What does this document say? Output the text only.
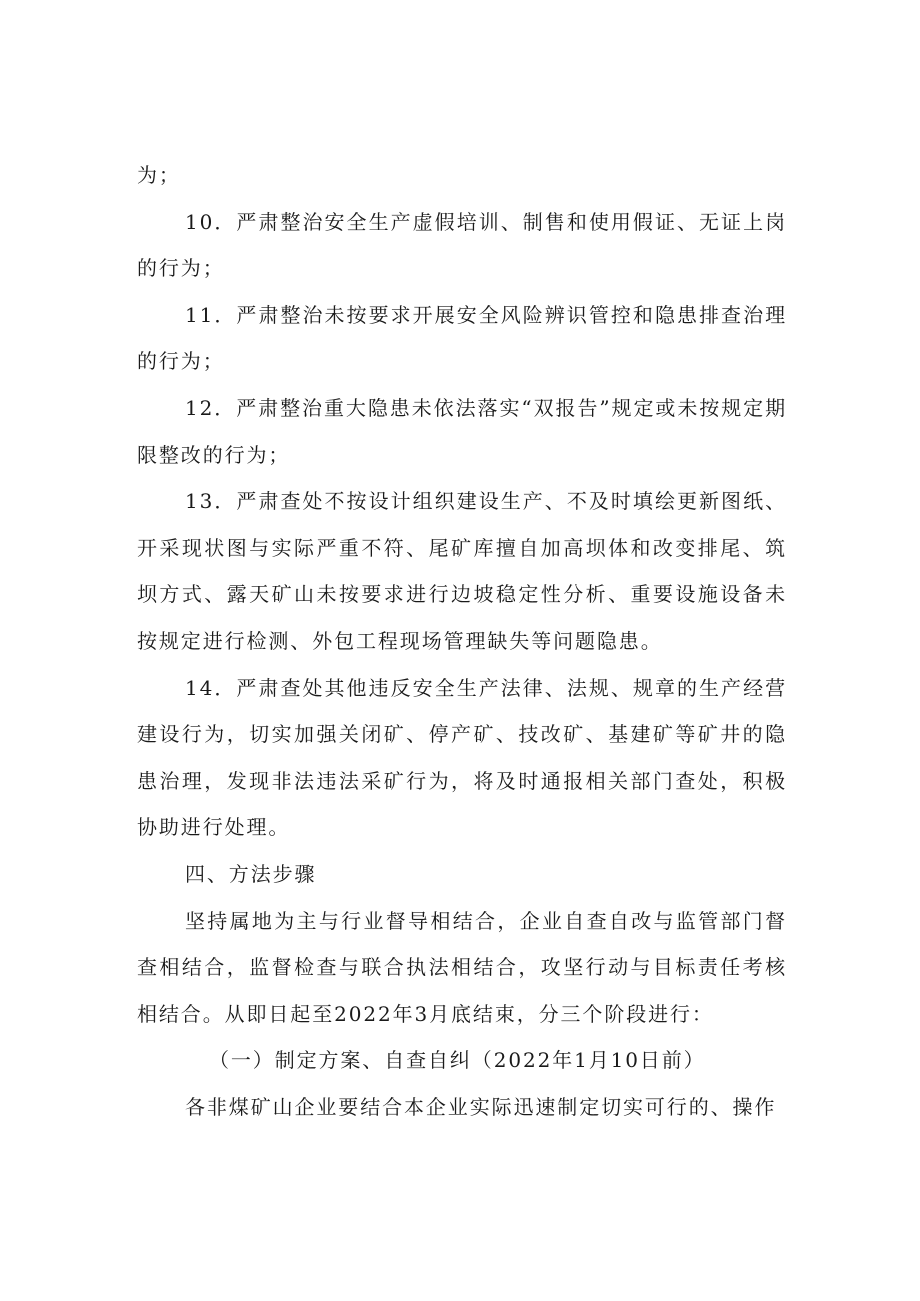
为；

10．严肃整治安全生产虚假培训、制售和使用假证、无证上岗的行为；

11．严肃整治未按要求开展安全风险辨识管控和隐患排查治理的行为；

12．严肃整治重大隐患未依法落实“双报告”规定或未按规定期限整改的行为；

13．严肃查处不按设计组织建设生产、不及时填绘更新图纸、开采现状图与实际严重不符、尾矿库擅自加高坝体和改变排尾、筑坝方式、露天矿山未按要求进行边坡稳定性分析、重要设施设备未按规定进行检测、外包工程现场管理缺失等问题隐患。

14．严肃查处其他违反安全生产法律、法规、规章的生产经营建设行为，切实加强关闭矿、停产矿、技改矿、基建矿等矿井的隐患治理，发现非法违法采矿行为，将及时通报相关部门查处，积极协助进行处理。

四、方法步骤

坚持属地为主与行业督导相结合，企业自查自改与监管部门督查相结合，监督检查与联合执法相结合，攻坚行动与目标责任考核相结合。从即日起至2022年3月底结束，分三个阶段进行：

（一）制定方案、自查自纠（2022年1月10日前）

各非煤矿山企业要结合本企业实际迅速制定切实可行的、操作
